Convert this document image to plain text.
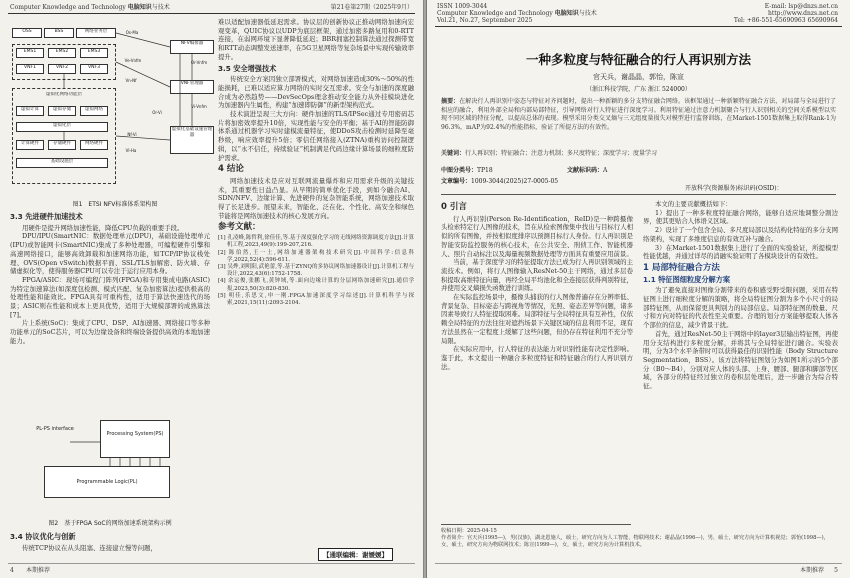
Computer Knowledge and Technology 电脑知识与技术	第21卷第27期（2025年9月）
OSS	BSS	网络业务层
EMS1	EMS2	EMS3
VNF1	VNF2	VNF3
虚拟化网络功能层
虚拟计算	虚拟存储	虚拟网络
虚拟化层
计算硬件	存储硬件	网络硬件
基础设施层
NFV编排器
VNF管理器
虚拟化基础设施管理器
Os-Ma
Ve-Vnfm	Or-Vnfm
Or-Vi
Nf-Vi
Vi-Vnfm
Vn-Nf
Vl-Ha
图1　ETSI NFV标准体系架构图
3.3 先进硬件加速技术

用硬件是提升网络加速性能，降低CPU负载的重要手段。

DPU/IPU(SmartNIC：数据处理单元(DPU)，基础设施处理单元(IPU)或智能网卡(SmartNIC)集成了多种处理器，可编程硬件引擎和高速网络接口，能够高效卸载和加速网络功能，如TCP/IP协议栈处理、OVS(Open vSwitch)数据平面、SSL/TLS加解密、防火墙、存储虚拟化等，使得服务器CPU可以专注于运行应用本身。

FPGA/ASIC：现场可编程门阵列(FPGA)和专用集成电路(ASIC)为特定加速算法(如深度包检测、模式匹配、复杂加密算法)提供极高的处理性能和能效比。FPGA具有可重构性，适用于算法快速迭代的场景；ASIC则在性能和成本上更具优势，适用于大规模部署的成熟算法[7]。

片上系统(SoC)：集成了CPU、DSP、AI加速器、网络接口等多种功能单元的SoC芯片，可以为边缘设备和终端设备提供高效的本地加速能力。

Processing System(PS)
PL-PS interface
Programmable Logic(PL)
图2　基于FPGA SoC的网络加速系统架构示例
3.4 协议优化与创新

传统TCP协议在从头阻塞、连接建立慢等问题，

难以适配加速器低延迟需求。协议层的创新协议正推动网络加速向宏观变革，QUIC协议以UDP为底层框架，通过加密多路复用和0-RTT连接，在弱网环境下显著降低延迟；BBR拥塞控制算法通过探测带宽和RTT动态调整发送速率，在5G卫星网络等复杂场景中实现传输效率提升。

3.5 安全增强技术

传统安全方案因独立部署模式，对网络加速造成30%～50%的性能损耗，已难以适应算力网络的实时交互需求。安全与加速的深度融合成为必然趋势——DevSecOps理念推动安全能力从外挂模块进化为加速器内生属性，构建“加速即防御”的新型架构范式。

技术演进呈现三大方向：硬件加速的TLS/IPSec通过专用密码芯片将加密效率提升10倍，实现性能与安全的平衡；基于AI的智能防御体系通过机器学习实时建模流量特征，使DDoS攻击检测时延降至毫秒级，响应效率提升5倍；零信任网络接入(ZTNA)重构访问控制逻辑，以“永不信任，持续验证”机制满足代码边缘计算场景的细粒度防护需求。

4 结论

网络加速技术是应对互联网流量爆炸和应用需求升级的关键技术，其重要性日益凸显。从早期的简单优化手段，到如今融合AI、SDN/NFV、边缘计算、先进硬件的复杂智能系统，网络加速技术取得了长足进步。展望未来，智能化、泛在化、个性化、高安全和绿色节能将是网络加速技术的核心发展方向。

参考文献：
[1] 孔凌峰,陈哲利,徐佳佳,等.基于深度强化学习的无线网络资源调度方法[J].计算机工程,2023,49(9):199-207,216.
[2] 陈伯然,王一土,网络加速器架构技术研究[J].中国科学:信息科学,2022,52(4):596-611.
[3] 吴烨,刘明阳,武艳蕾,等.基于ZYNQ的多协议网络加速器设计[J].计算机工程与设计,2022,43(6):1752-1758.
[4] 余运俊,张鹏飞,黄钟域,等.面向边缘计算的分层网络加速研究[J].通信学报,2023,50(3):820-830.
[5] 明佳,乐思文,申一刚.FPGA加速深度学习综述[J].计算机科学与探索,2021,15(11):2093-2104.
【通联编辑：谢媛媛】
4 本期推荐
ISSN 1009-3044
Computer Knowledge and Technology 电脑知识与技术
Vol.21, No.27, September 2025
E-mail: lsp@dnzs.net.cn
http://www.dnzs.net.cn
Tel: +86-551-65690963 65690964
一种多粒度与特征融合的行人再识别方法
官天兵，谢晶晶，郭怡，陈宣
（浙江科技学院，广东 浙江 524000）
摘要：在解决行人再识别中姿态与特征对齐问题时，提出一种新颖的多分支特征融合网络。该框架通过一种新颖特征融合方法，对局部与全局进行了相应的融合，利用外部全局和内部局部特征，引导网络对行人特征进行深度学习。利用特征通过注意力机制聚合与行人识别相关的空间关系模型以实现不同区域的特征分配，以提高总体的表现。模型采用分类交叉熵与三元组度量损失对模型进行监督训练，在Market-1501数据集上取得Rank-1为96.3%，mAP为92.4%的性能指标，验证了所提方法的有效性。
关键词：行人再识别；特征融合；注意力机制；多尺度特征；深度学习；度量学习
中图分类号：TP18	文献标识码：A
文章编号：1009-3044(2025)27-0005-05
开放科学(资源服务)标识码(OSID)：
0 引言

行人再识别(Person Re-Identification，ReID)是一种跨摄像头检索特定行人图像的技术，旨在从检索图像集中找出与目标行人相似的所有图像，并按相似度排序以预测目标行人身份。行人再识别是智能安防监控服务的核心技术，在公共安全、刑侦工作、智能机器人、照片自动标注以及海量视频数据处理等方面具有重要应用前景。

当前，基于深度学习的特征提取方法已成为行人再识别领域的主流技术。例如，将行人图像输入ResNet-50主干网络，通过多层卷积提取高维特征向量，再经全局平均池化和全连接层获得判别特征，并使用交叉熵损失函数进行训练。

在实际监控场景中，摄像头捕获的行人图像普遍存在分辨率低、背景复杂、目标姿态与跨视角等情况，光照、姿态差异等问题，诸多因素导致行人特征提取困难。局部特征与全局特征具有互补性，仅依赖全局特征的方法往往对遮挡场景下关键区域的信息利用不足，现有方法虽然在一定程度上缓解了这些问题，但仍存在特征利用不充分等局限。

在实际应用中，行人特征的表达能力对识别性能有决定性影响。鉴于此，本文提出一种融合多粒度特征和特征融合的行人再识别方法。

本文的主要贡献概括如下：

1）提出了一种多粒度特征融合网络，能够自适应地调整分割边界，使其更贴合人体语义区域。

2）设计了一个包含全局、多尺度局部以及结构化特征的多分支网络架构，实现了多维度信息的有效互补与融合。

3）在Market-1501数据集上进行了全面的实验验证，所提模型性能优越，并通过详尽的消融实验证明了各模块设计的有效性。

1 局部特征融合方法
1.1 特征图细粒度分解方案

为了避免直接对图像分割带来的卷积感受野受限问题，采用在特征图上进行细粒度分解的策略，将全局特征图分割为多个小尺寸的局部特征图，从而保留更具判别力的局部信息。局部特征图的数量、尺寸和方向对特征的代表性至关重要。合理的划分方案能够提取人体各个部位的信息，减少背景干扰。

首先，通过ResNet-50主干网络中的layer3层输出特征图，再使用分支结构进行多粒度分解，并将其与全局特征进行融合。实验表明，分为3个水平条带时可以获得最佳的识别性能（Body Structure Segmentation，BSS）。该方法将特征图划分为如图1所示的5个部分（B0～B4），分别对应人体的头部、上身、腰部、腿部和脚部等区域，各部分的特征经过独立的卷积层处理后，进一步融合为综合特征。

收稿日期：2025-04-15
作者简介：官天兵(1995—)，男(汉族)，湖北恩施人，硕士，研究方向为人工智能、物联网技术；谢晶晶(1996—)，男，硕士，研究方向为计算机视觉；郭怡(1998—)，女，硕士，研究方向为物联网技术；陈宣(1999—)，女，硕士，研究方向为计算机技术。
本期推荐 5
